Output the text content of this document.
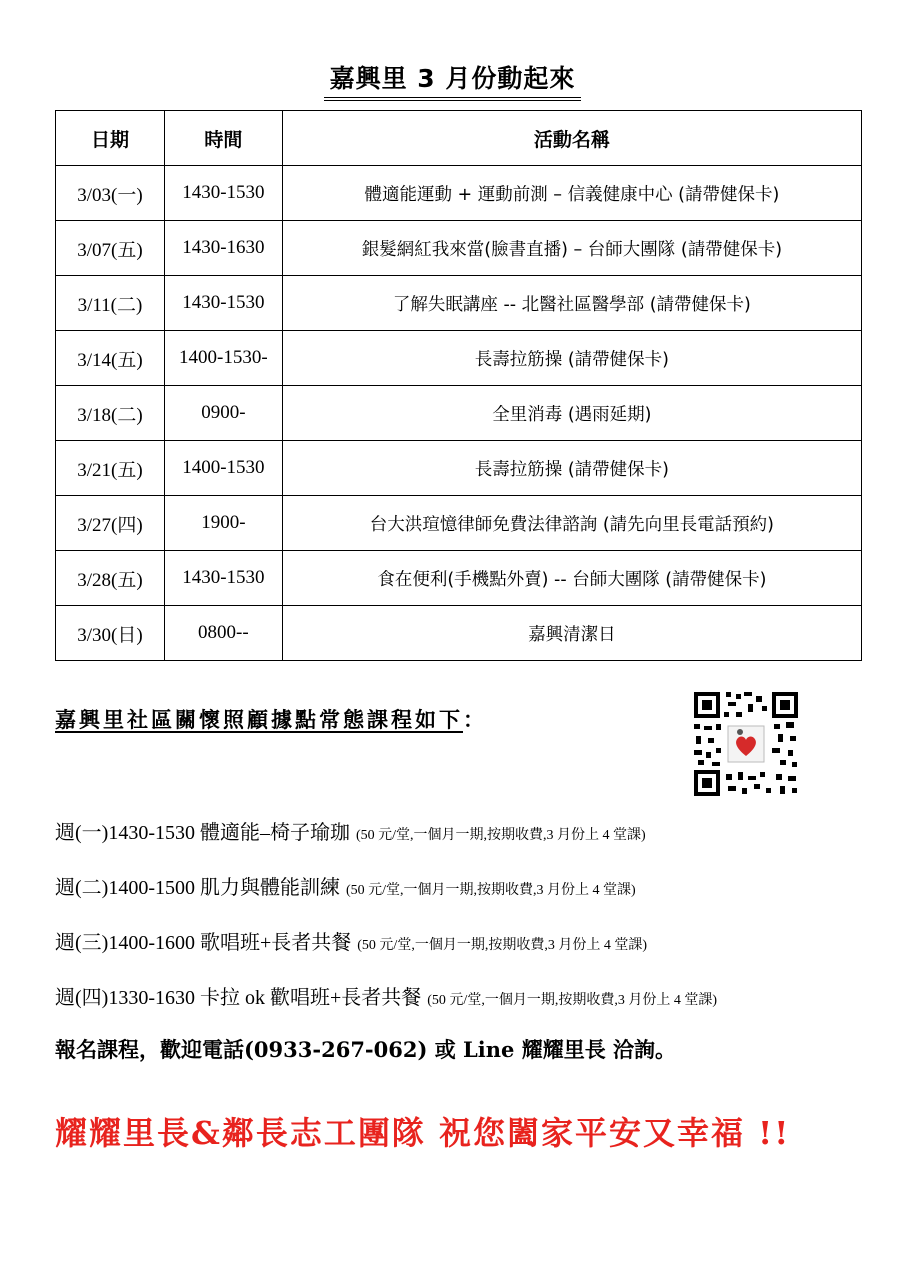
嘉興里 3 月份動起來
日期	時間	活動名稱
3/03(一)	1430-1530	體適能運動 + 運動前測 – 信義健康中心 (請帶健保卡)
3/07(五)	1430-1630	銀髮網紅我來當(臉書直播) – 台師大團隊 (請帶健保卡)
3/11(二)	1430-1530	了解失眠講座 -- 北醫社區醫學部 (請帶健保卡)
3/14(五)	1400-1530-	長壽拉筋操 (請帶健保卡)
3/18(二)	0900-	全里消毒 (遇雨延期)
3/21(五)	1400-1530	長壽拉筋操 (請帶健保卡)
3/27(四)	1900-	台大洪瑄憶律師免費法律諮詢 (請先向里長電話預約)
3/28(五)	1430-1530	食在便利(手機點外賣) -- 台師大團隊 (請帶健保卡)
3/30(日)	0800--	嘉興清潔日
嘉興里社區關懷照顧據點常態課程如下：
週(一)1430-1530 體適能–椅子瑜珈 (50 元/堂,一個月一期,按期收費,3 月份上 4 堂課)
週(二)1400-1500 肌力與體能訓練 (50 元/堂,一個月一期,按期收費,3 月份上 4 堂課)
週(三)1400-1600 歌唱班+長者共餐 (50 元/堂,一個月一期,按期收費,3 月份上 4 堂課)
週(四)1330-1630 卡拉 ok 歡唱班+長者共餐 (50 元/堂,一個月一期,按期收費,3 月份上 4 堂課)
報名課程，歡迎電話(0933-267-062) 或 Line 耀耀里長 洽詢。
耀耀里長&鄰長志工團隊 祝您闔家平安又幸福 !!
